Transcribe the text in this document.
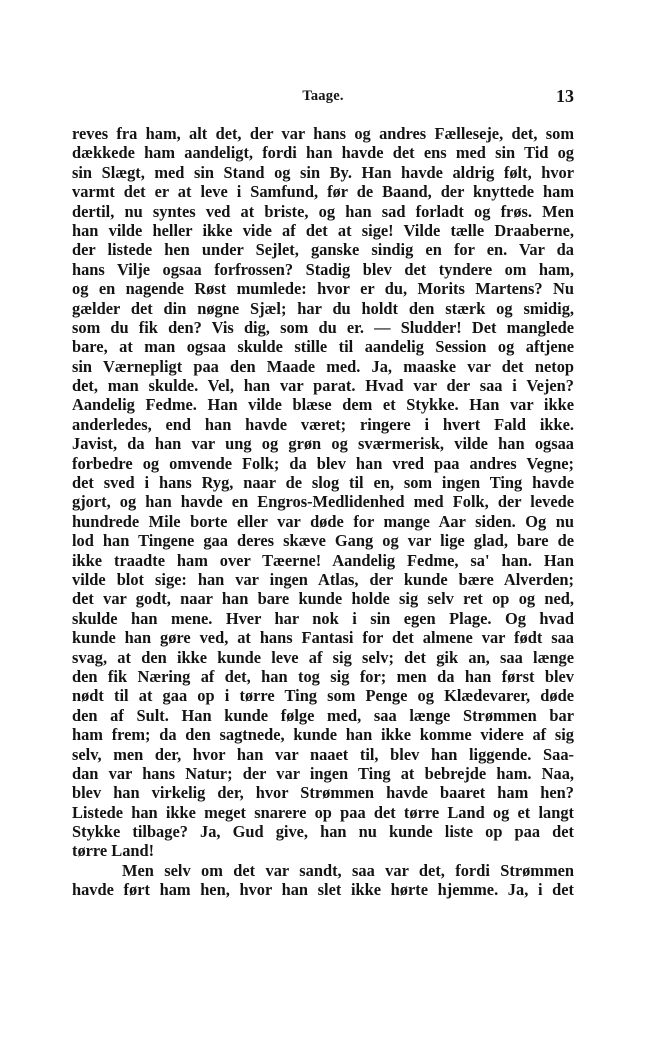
Taage.	13
reves fra ham, alt det, der var hans og andres Fælleseje, det, som
dækkede ham aandeligt, fordi han havde det ens med sin Tid og
sin Slægt, med sin Stand og sin By. Han havde aldrig følt, hvor
varmt det er at leve i Samfund, før de Baand, der knyttede ham
dertil, nu syntes ved at briste, og han sad forladt og frøs. Men
han vilde heller ikke vide af det at sige! Vilde tælle Draaberne,
der listede hen under Sejlet, ganske sindig en for en. Var da
hans Vilje ogsaa forfrossen? Stadig blev det tyndere om ham,
og en nagende Røst mumlede: hvor er du, Morits Martens? Nu
gælder det din nøgne Sjæl; har du holdt den stærk og smidig,
som du fik den? Vis dig, som du er. — Sludder! Det manglede
bare, at man ogsaa skulde stille til aandelig Session og aftjene
sin Værnepligt paa den Maade med. Ja, maaske var det netop
det, man skulde. Vel, han var parat. Hvad var der saa i Vejen?
Aandelig Fedme. Han vilde blæse dem et Stykke. Han var ikke
anderledes, end han havde været; ringere i hvert Fald ikke.
Javist, da han var ung og grøn og sværmerisk, vilde han ogsaa
forbedre og omvende Folk; da blev han vred paa andres Vegne;
det sved i hans Ryg, naar de slog til en, som ingen Ting havde
gjort, og han havde en Engros-Medlidenhed med Folk, der levede
hundrede Mile borte eller var døde for mange Aar siden. Og nu
lod han Tingene gaa deres skæve Gang og var lige glad, bare de
ikke traadte ham over Tæerne! Aandelig Fedme, sa' han. Han
vilde blot sige: han var ingen Atlas, der kunde bære Alverden;
det var godt, naar han bare kunde holde sig selv ret op og ned,
skulde han mene. Hver har nok i sin egen Plage. Og hvad
kunde han gøre ved, at hans Fantasi for det almene var født saa
svag, at den ikke kunde leve af sig selv; det gik an, saa længe
den fik Næring af det, han tog sig for; men da han først blev
nødt til at gaa op i tørre Ting som Penge og Klædevarer, døde
den af Sult. Han kunde følge med, saa længe Strømmen bar
ham frem; da den sagtnede, kunde han ikke komme videre af sig
selv, men der, hvor han var naaet til, blev han liggende. Saa-
dan var hans Natur; der var ingen Ting at bebrejde ham. Naa,
blev han virkelig der, hvor Strømmen havde baaret ham hen?
Listede han ikke meget snarere op paa det tørre Land og et langt
Stykke tilbage? Ja, Gud give, han nu kunde liste op paa det
tørre Land!
Men selv om det var sandt, saa var det, fordi Strømmen
havde ført ham hen, hvor han slet ikke hørte hjemme. Ja, i det
